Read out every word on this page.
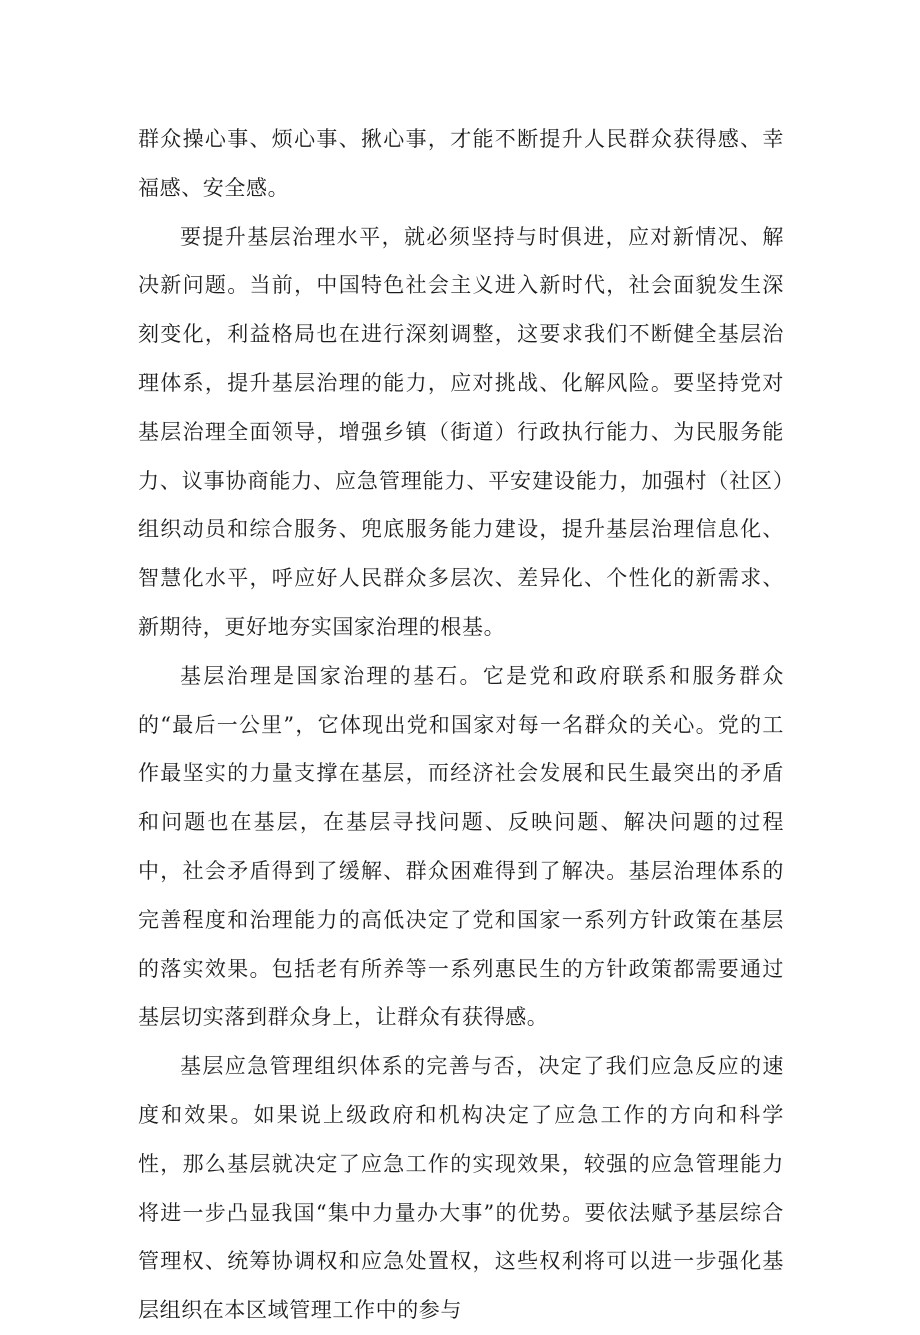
群众操心事、烦心事、揪心事，才能不断提升人民群众获得感、幸福感、安全感。

要提升基层治理水平，就必须坚持与时俱进，应对新情况、解决新问题。当前，中国特色社会主义进入新时代，社会面貌发生深刻变化，利益格局也在进行深刻调整，这要求我们不断健全基层治理体系，提升基层治理的能力，应对挑战、化解风险。要坚持党对基层治理全面领导，增强乡镇（街道）行政执行能力、为民服务能力、议事协商能力、应急管理能力、平安建设能力，加强村（社区）组织动员和综合服务、兜底服务能力建设，提升基层治理信息化、智慧化水平，呼应好人民群众多层次、差异化、个性化的新需求、新期待，更好地夯实国家治理的根基。

基层治理是国家治理的基石。它是党和政府联系和服务群众的“最后一公里”，它体现出党和国家对每一名群众的关心。党的工作最坚实的力量支撑在基层，而经济社会发展和民生最突出的矛盾和问题也在基层，在基层寻找问题、反映问题、解决问题的过程中，社会矛盾得到了缓解、群众困难得到了解决。基层治理体系的完善程度和治理能力的高低决定了党和国家一系列方针政策在基层的落实效果。包括老有所养等一系列惠民生的方针政策都需要通过基层切实落到群众身上，让群众有获得感。

基层应急管理组织体系的完善与否，决定了我们应急反应的速度和效果。如果说上级政府和机构决定了应急工作的方向和科学性，那么基层就决定了应急工作的实现效果，较强的应急管理能力将进一步凸显我国“集中力量办大事”的优势。要依法赋予基层综合管理权、统筹协调权和应急处置权，这些权利将可以进一步强化基层组织在本区域管理工作中的参与
